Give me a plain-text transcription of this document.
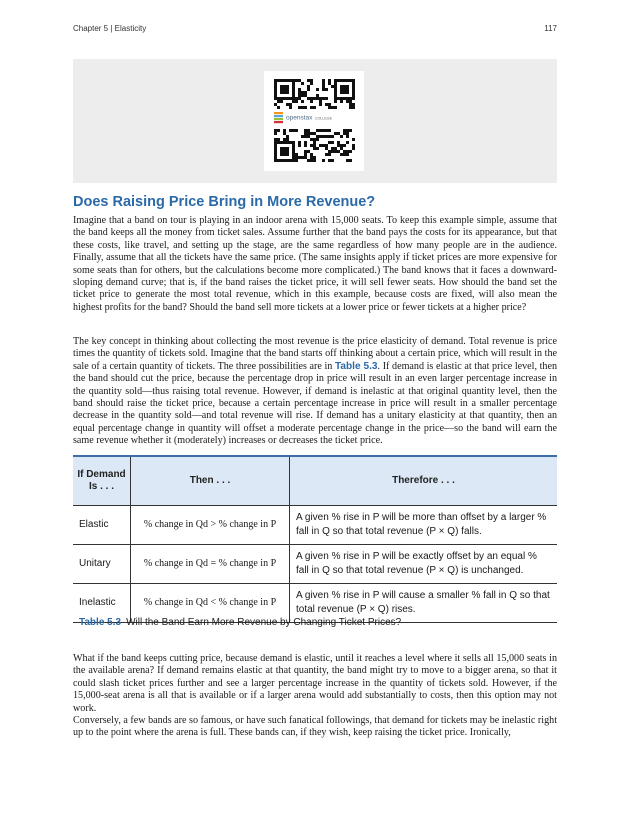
Chapter 5 | Elasticity	117
openstax COLLEGE
Does Raising Price Bring in More Revenue?

Imagine that a band on tour is playing in an indoor arena with 15,000 seats. To keep this example simple, assume that the band keeps all the money from ticket sales. Assume further that the band pays the costs for its appearance, but that these costs, like travel, and setting up the stage, are the same regardless of how many people are in the audience. Finally, assume that all the tickets have the same price. (The same insights apply if ticket prices are more expensive for some seats than for others, but the calculations become more complicated.) The band knows that it faces a downward-sloping demand curve; that is, if the band raises the ticket price, it will sell fewer seats. How should the band set the ticket price to generate the most total revenue, which in this example, because costs are fixed, will also mean the highest profits for the band? Should the band sell more tickets at a lower price or fewer tickets at a higher price?

The key concept in thinking about collecting the most revenue is the price elasticity of demand. Total revenue is price times the quantity of tickets sold. Imagine that the band starts off thinking about a certain price, which will result in the sale of a certain quantity of tickets. The three possibilities are in Table 5.3. If demand is elastic at that price level, then the band should cut the price, because the percentage drop in price will result in an even larger percentage increase in the quantity sold—thus raising total revenue. However, if demand is inelastic at that original quantity level, then the band should raise the ticket price, because a certain percentage increase in price will result in a smaller percentage decrease in the quantity sold—and total revenue will rise. If demand has a unitary elasticity at that quantity, then an equal percentage change in quantity will offset a moderate percentage change in the price—so the band will earn the same revenue whether it (moderately) increases or decreases the ticket price.

If Demand Is . . .	Then . . .	Therefore . . .
Elastic	% change in Qd > % change in P	A given % rise in P will be more than offset by a larger % fall in Q so that total revenue (P × Q) falls.
Unitary	% change in Qd = % change in P	A given % rise in P will be exactly offset by an equal % fall in Q so that total revenue (P × Q) is unchanged.
Inelastic	% change in Qd < % change in P	A given % rise in P will cause a smaller % fall in Q so that total revenue (P × Q) rises.
Table 5.3 Will the Band Earn More Revenue by Changing Ticket Prices?

What if the band keeps cutting price, because demand is elastic, until it reaches a level where it sells all 15,000 seats in the available arena? If demand remains elastic at that quantity, the band might try to move to a bigger arena, so that it could slash ticket prices further and see a larger percentage increase in the quantity of tickets sold. However, if the 15,000-seat arena is all that is available or if a larger arena would add substantially to costs, then this option may not work.

Conversely, a few bands are so famous, or have such fanatical followings, that demand for tickets may be inelastic right up to the point where the arena is full. These bands can, if they wish, keep raising the ticket price. Ironically,
